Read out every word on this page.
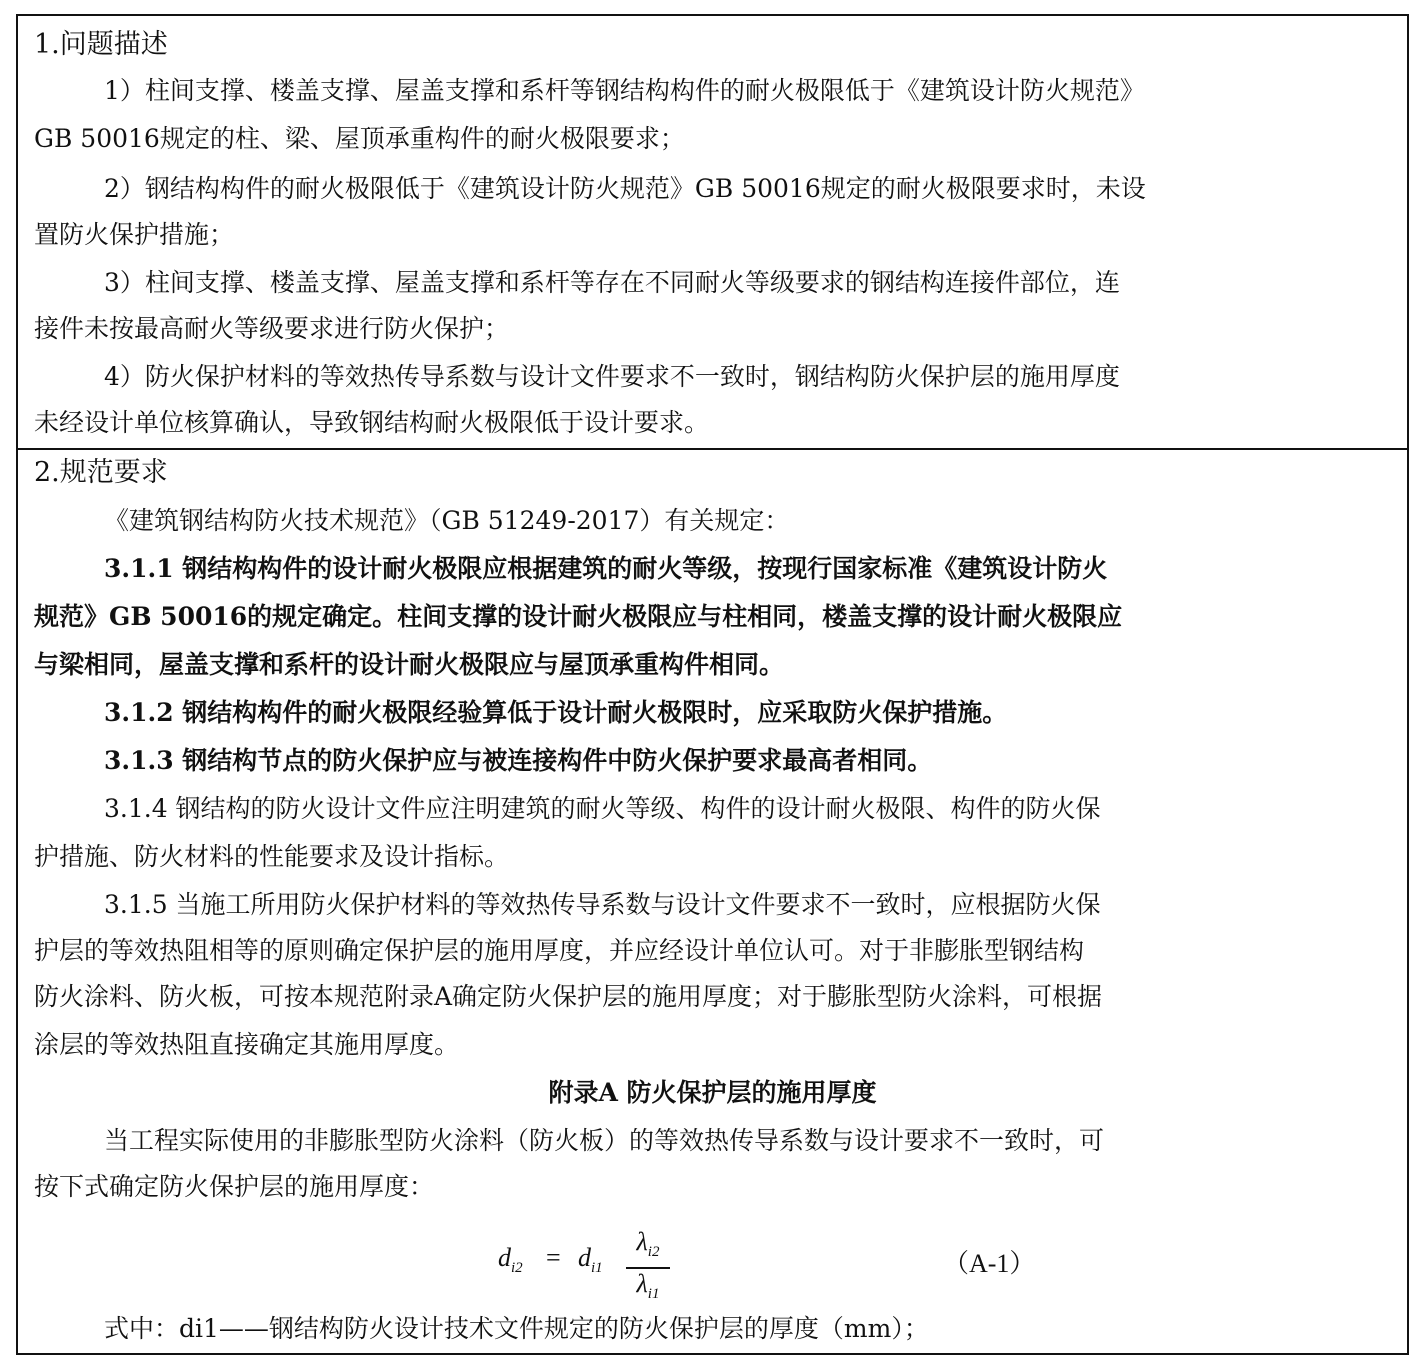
1.问题描述
1）柱间支撑、楼盖支撑、屋盖支撑和系杆等钢结构构件的耐火极限低于《建筑设计防火规范》
GB 50016规定的柱、梁、屋顶承重构件的耐火极限要求；
2）钢结构构件的耐火极限低于《建筑设计防火规范》GB 50016规定的耐火极限要求时，未设
置防火保护措施；
3）柱间支撑、楼盖支撑、屋盖支撑和系杆等存在不同耐火等级要求的钢结构连接件部位，连
接件未按最高耐火等级要求进行防火保护；
4）防火保护材料的等效热传导系数与设计文件要求不一致时，钢结构防火保护层的施用厚度
未经设计单位核算确认，导致钢结构耐火极限低于设计要求。
2.规范要求
《建筑钢结构防火技术规范》（GB 51249-2017）有关规定：
3.1.1 钢结构构件的设计耐火极限应根据建筑的耐火等级，按现行国家标准《建筑设计防火
规范》GB 50016的规定确定。柱间支撑的设计耐火极限应与柱相同，楼盖支撑的设计耐火极限应
与梁相同，屋盖支撑和系杆的设计耐火极限应与屋顶承重构件相同。
3.1.2 钢结构构件的耐火极限经验算低于设计耐火极限时，应采取防火保护措施。
3.1.3 钢结构节点的防火保护应与被连接构件中防火保护要求最高者相同。
3.1.4 钢结构的防火设计文件应注明建筑的耐火等级、构件的设计耐火极限、构件的防火保
护措施、防火材料的性能要求及设计指标。
3.1.5 当施工所用防火保护材料的等效热传导系数与设计文件要求不一致时，应根据防火保
护层的等效热阻相等的原则确定保护层的施用厚度，并应经设计单位认可。对于非膨胀型钢结构
防火涂料、防火板，可按本规范附录A确定防火保护层的施用厚度；对于膨胀型防火涂料，可根据
涂层的等效热阻直接确定其施用厚度。
附录A 防火保护层的施用厚度
当工程实际使用的非膨胀型防火涂料（防火板）的等效热传导系数与设计要求不一致时，可
按下式确定防火保护层的施用厚度：
$d_{i2} = d_{i1}$
$\lambda_{i2}$
$\lambda_{i1}$
（A-1）
式中：di1——钢结构防火设计技术文件规定的防火保护层的厚度（mm）；
